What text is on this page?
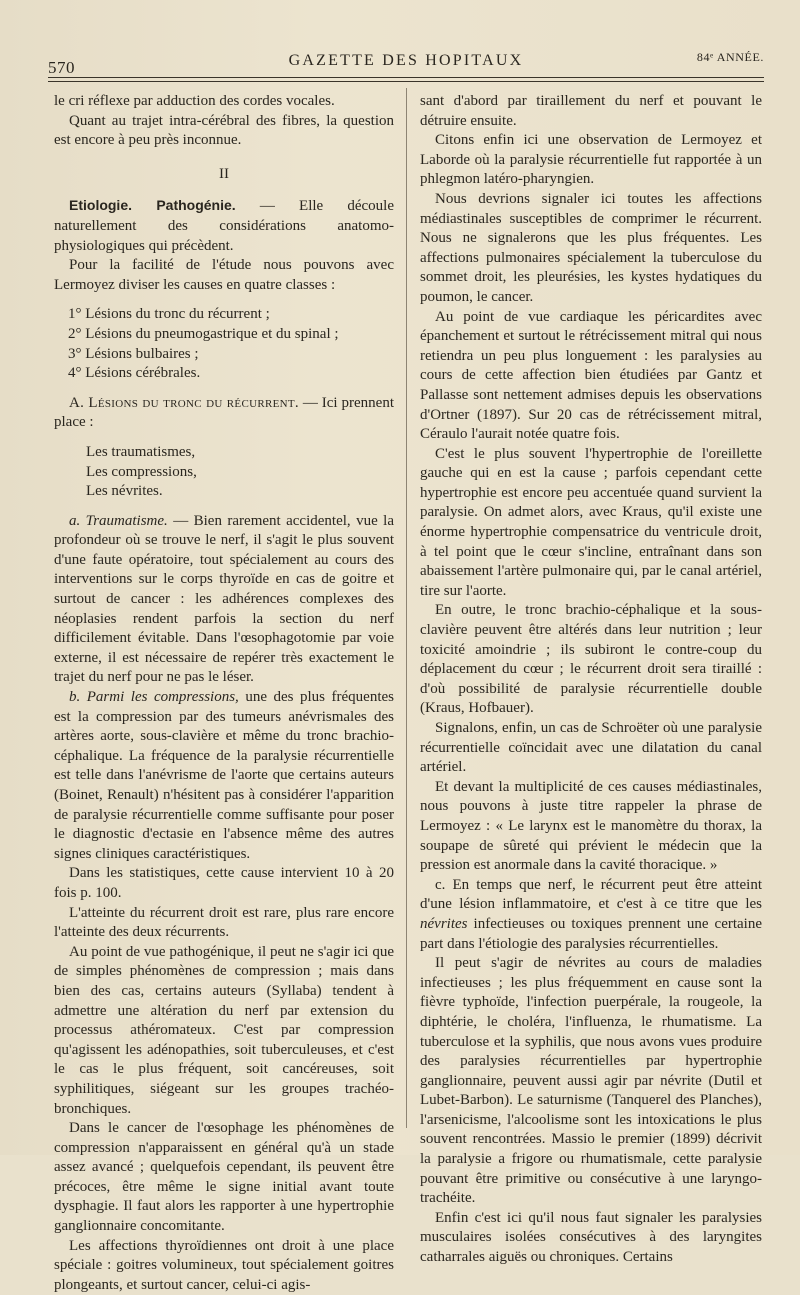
570	GAZETTE DES HOPITAUX	84ᵉ ANNÉE.

le cri réflexe par adduction des cordes vocales.

Quant au trajet intra-cérébral des fibres, la question est encore à peu près inconnue.

II

Etiologie. Pathogénie. — Elle découle naturellement des considérations anatomo-physiologiques qui précèdent.

Pour la facilité de l'étude nous pouvons avec Lermoyez diviser les causes en quatre classes :

1° Lésions du tronc du récurrent ;
2° Lésions du pneumogastrique et du spinal ;
3° Lésions bulbaires ;
4° Lésions cérébrales.

A. Lésions du tronc du récurrent. — Ici prennent place :

Les traumatismes,
Les compressions,
Les névrites.

a. Traumatisme. — Bien rarement accidentel, vue la profondeur où se trouve le nerf, il s'agit le plus souvent d'une faute opératoire, tout spécialement au cours des interventions sur le corps thyroïde en cas de goitre et surtout de cancer : les adhérences complexes des néoplasies rendent parfois la section du nerf difficilement évitable. Dans l'œsophagotomie par voie externe, il est nécessaire de repérer très exactement le trajet du nerf pour ne pas le léser.

b. Parmi les compressions, une des plus fréquentes est la compression par des tumeurs anévrismales des artères aorte, sous-clavière et même du tronc brachio-céphalique. La fréquence de la paralysie récurrentielle est telle dans l'anévrisme de l'aorte que certains auteurs (Boinet, Renault) n'hésitent pas à considérer l'apparition de paralysie récurrentielle comme suffisante pour poser le diagnostic d'ectasie en l'absence même des autres signes cliniques caractéristiques.

Dans les statistiques, cette cause intervient 10 à 20 fois p. 100.

L'atteinte du récurrent droit est rare, plus rare encore l'atteinte des deux récurrents.

Au point de vue pathogénique, il peut ne s'agir ici que de simples phénomènes de compression ; mais dans bien des cas, certains auteurs (Syllaba) tendent à admettre une altération du nerf par extension du processus athéromateux. C'est par compression qu'agissent les adénopathies, soit tuberculeuses, et c'est le cas le plus fréquent, soit cancéreuses, soit syphilitiques, siégeant sur les groupes trachéo-bronchiques.

Dans le cancer de l'œsophage les phénomènes de compression n'apparaissent en général qu'à un stade assez avancé ; quelquefois cependant, ils peuvent être précoces, être même le signe initial avant toute dysphagie. Il faut alors les rapporter à une hypertrophie ganglionnaire concomitante.

Les affections thyroïdiennes ont droit à une place spéciale : goitres volumineux, tout spécialement goitres plongeants, et surtout cancer, celui-ci agis-

sant d'abord par tiraillement du nerf et pouvant le détruire ensuite.

Citons enfin ici une observation de Lermoyez et Laborde où la paralysie récurrentielle fut rapportée à un phlegmon latéro-pharyngien.

Nous devrions signaler ici toutes les affections médiastinales susceptibles de comprimer le récurrent. Nous ne signalerons que les plus fréquentes. Les affections pulmonaires spécialement la tuberculose du sommet droit, les pleurésies, les kystes hydatiques du poumon, le cancer.

Au point de vue cardiaque les péricardites avec épanchement et surtout le rétrécissement mitral qui nous retiendra un peu plus longuement : les paralysies au cours de cette affection bien étudiées par Gantz et Pallasse sont nettement admises depuis les observations d'Ortner (1897). Sur 20 cas de rétrécissement mitral, Céraulo l'aurait notée quatre fois.

C'est le plus souvent l'hypertrophie de l'oreillette gauche qui en est la cause ; parfois cependant cette hypertrophie est encore peu accentuée quand survient la paralysie. On admet alors, avec Kraus, qu'il existe une énorme hypertrophie compensatrice du ventricule droit, à tel point que le cœur s'incline, entraînant dans son abaissement l'artère pulmonaire qui, par le canal artériel, tire sur l'aorte.

En outre, le tronc brachio-céphalique et la sous-clavière peuvent être altérés dans leur nutrition ; leur toxicité amoindrie ; ils subiront le contre-coup du déplacement du cœur ; le récurrent droit sera tiraillé : d'où possibilité de paralysie récurrentielle double (Kraus, Hofbauer).

Signalons, enfin, un cas de Schroëter où une paralysie récurrentielle coïncidait avec une dilatation du canal artériel.

Et devant la multiplicité de ces causes médiastinales, nous pouvons à juste titre rappeler la phrase de Lermoyez : « Le larynx est le manomètre du thorax, la soupape de sûreté qui prévient le médecin que la pression est anormale dans la cavité thoracique. »

c. En temps que nerf, le récurrent peut être atteint d'une lésion inflammatoire, et c'est à ce titre que les névrites infectieuses ou toxiques prennent une certaine part dans l'étiologie des paralysies récurrentielles.

Il peut s'agir de névrites au cours de maladies infectieuses ; les plus fréquemment en cause sont la fièvre typhoïde, l'infection puerpérale, la rougeole, la diphtérie, le choléra, l'influenza, le rhumatisme. La tuberculose et la syphilis, que nous avons vues produire des paralysies récurrentielles par hypertrophie ganglionnaire, peuvent aussi agir par névrite (Dutil et Lubet-Barbon). Le saturnisme (Tanquerel des Planches), l'arsenicisme, l'alcoolisme sont les intoxications le plus souvent rencontrées. Massio le premier (1899) décrivit la paralysie a frigore ou rhumatismale, cette paralysie pouvant être primitive ou consécutive à une laryngo-trachéite.

Enfin c'est ici qu'il nous faut signaler les paralysies musculaires isolées consécutives à des laryngites catharrales aiguës ou chroniques. Certains
